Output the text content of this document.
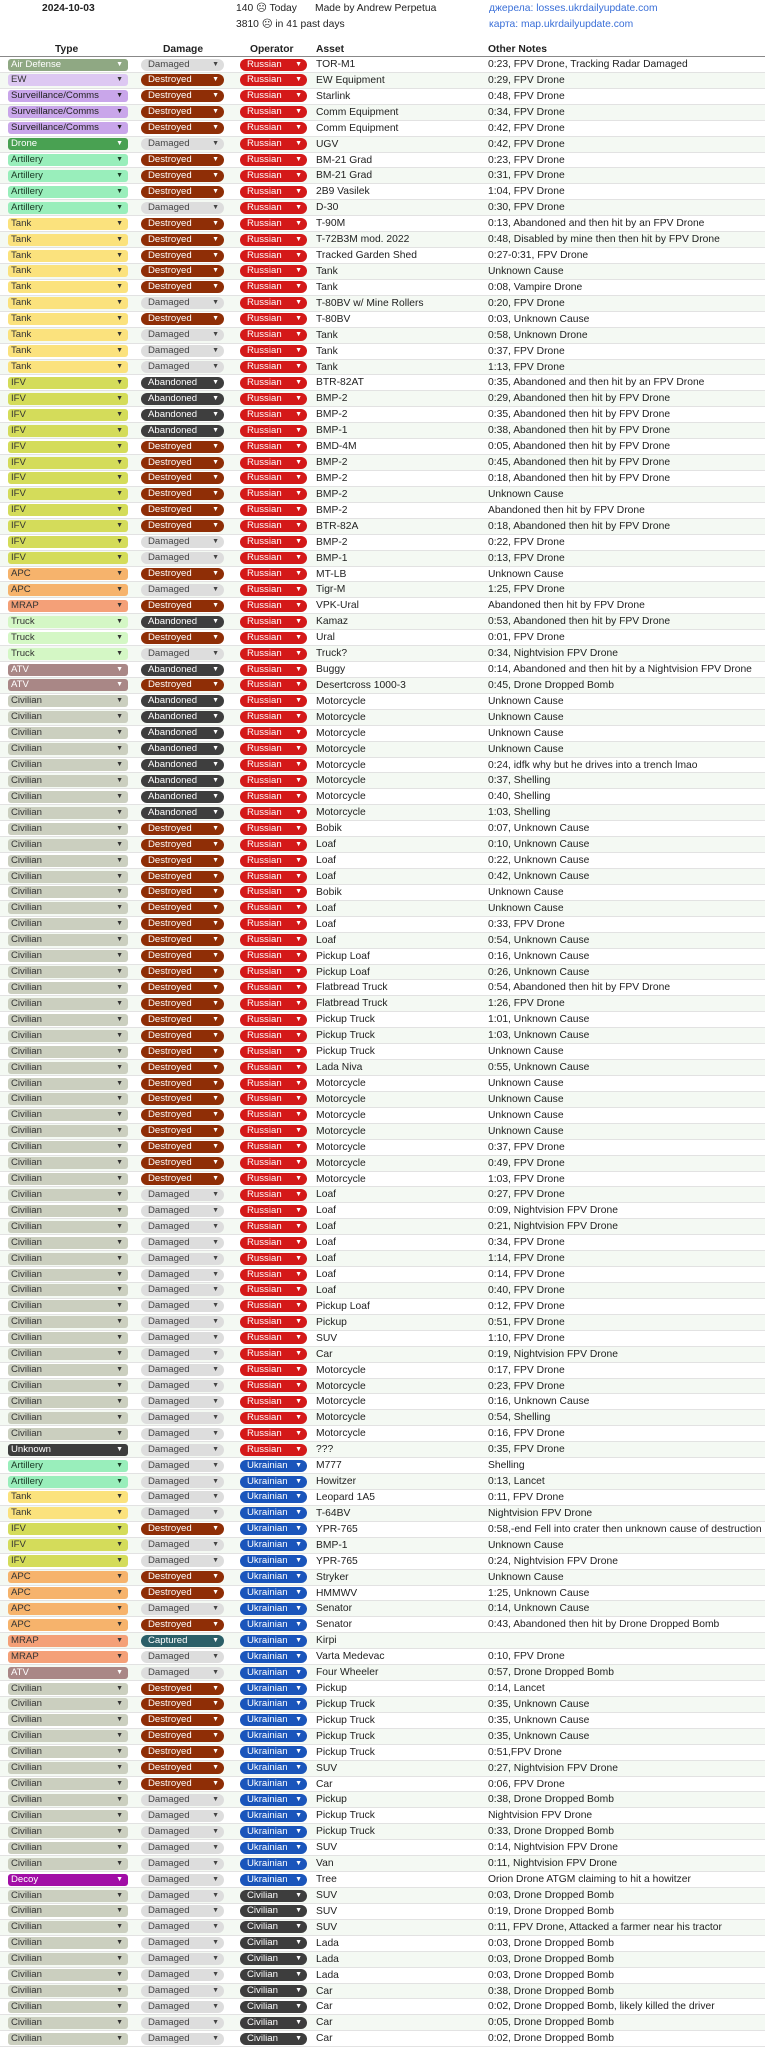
2024-10-03	140 ☹ Today
3810 ☹ in 41 past days
Made by Andrew Perpetua	джерела: losses.ukrdailyupdate.com
карта: map.ukrdailyupdate.com
Type	Damage	Operator Asset	Other Notes
Air Defense	▼	Damaged	▼	Russian ▼ TOR-M1	0:23, FPV Drone, Tracking Radar Damaged
EW	▼	Destroyed	▼	Russian ▼ EW Equipment	0:29, FPV Drone
Surveillance/Comms ▼	Destroyed	▼	Russian ▼ Starlink	0:48, FPV Drone
Surveillance/Comms ▼	Destroyed	▼	Russian ▼ Comm Equipment	0:34, FPV Drone
Surveillance/Comms ▼	Destroyed	▼	Russian ▼ Comm Equipment	0:42, FPV Drone
Drone	▼	Damaged	▼	Russian ▼ UGV	0:42, FPV Drone
Artillery	▼	Destroyed	▼	Russian ▼ BM-21 Grad	0:23, FPV Drone
Artillery	▼	Destroyed	▼	Russian ▼ BM-21 Grad	0:31, FPV Drone
Artillery	▼	Destroyed	▼	Russian ▼ 2B9 Vasilek	1:04, FPV Drone
Artillery	▼	Damaged	▼	Russian ▼ D-30	0:30, FPV Drone
Tank	▼	Destroyed	▼	Russian ▼ T-90M	0:13, Abandoned and then hit by an FPV Drone
Tank	▼	Destroyed	▼	Russian ▼ T-72B3M mod. 2022	0:48, Disabled by mine then then hit by FPV Drone
Tank	▼	Destroyed	▼	Russian ▼ Tracked Garden Shed	0:27-0:31, FPV Drone
Tank	▼	Destroyed	▼	Russian ▼ Tank	Unknown Cause
Tank	▼	Destroyed	▼	Russian ▼ Tank	0:08, Vampire Drone
Tank	▼	Damaged	▼	Russian ▼ T-80BV w/ Mine Rollers	0:20, FPV Drone
Tank	▼	Destroyed	▼	Russian ▼ T-80BV	0:03, Unknown Cause
Tank	▼	Damaged	▼	Russian ▼ Tank	0:58, Unknown Drone
Tank	▼	Damaged	▼	Russian ▼ Tank	0:37, FPV Drone
Tank	▼	Damaged	▼	Russian ▼ Tank	1:13, FPV Drone
IFV	▼	Abandoned ▼	Russian ▼ BTR-82AT	0:35, Abandoned and then hit by an FPV Drone
IFV	▼	Abandoned ▼	Russian ▼ BMP-2	0:29, Abandoned then hit by FPV Drone
IFV	▼	Abandoned ▼	Russian ▼ BMP-2	0:35, Abandoned then hit by FPV Drone
IFV	▼	Abandoned ▼	Russian ▼ BMP-1	0:38, Abandoned then hit by FPV Drone
IFV	▼	Destroyed	▼	Russian ▼ BMD-4M	0:05, Abandoned then hit by FPV Drone
IFV	▼	Destroyed	▼	Russian ▼ BMP-2	0:45, Abandoned then hit by FPV Drone
IFV	▼	Destroyed	▼	Russian ▼ BMP-2	0:18, Abandoned then hit by FPV Drone
IFV	▼	Destroyed	▼	Russian ▼ BMP-2	Unknown Cause
IFV	▼	Destroyed	▼	Russian ▼ BMP-2	Abandoned then hit by FPV Drone
IFV	▼	Destroyed	▼	Russian ▼ BTR-82A	0:18, Abandoned then hit by FPV Drone
IFV	▼	Damaged	▼	Russian ▼ BMP-2	0:22, FPV Drone
IFV	▼	Damaged	▼	Russian ▼ BMP-1	0:13, FPV Drone
APC	▼	Destroyed	▼	Russian ▼ MT-LB	Unknown Cause
APC	▼	Damaged	▼	Russian ▼ Tigr-M	1:25, FPV Drone
MRAP	▼	Destroyed	▼	Russian ▼ VPK-Ural	Abandoned then hit by FPV Drone
Truck	▼	Abandoned ▼	Russian ▼ Kamaz	0:53, Abandoned then hit by FPV Drone
Truck	▼	Destroyed	▼	Russian ▼ Ural	0:01, FPV Drone
Truck	▼	Damaged	▼	Russian ▼ Truck?	0:34, Nightvision FPV Drone
ATV	▼	Abandoned ▼	Russian ▼ Buggy	0:14, Abandoned and then hit by a Nightvision FPV Drone
ATV	▼	Destroyed	▼	Russian ▼ Desertcross 1000-3	0:45, Drone Dropped Bomb
Civilian	▼	Abandoned ▼	Russian ▼ Motorcycle	Unknown Cause
Civilian	▼	Abandoned ▼	Russian ▼ Motorcycle	Unknown Cause
Civilian	▼	Abandoned ▼	Russian ▼ Motorcycle	Unknown Cause
Civilian	▼	Abandoned ▼	Russian ▼ Motorcycle	Unknown Cause
Civilian	▼	Abandoned ▼	Russian ▼ Motorcycle	0:24, idfk why but he drives into a trench lmao
Civilian	▼	Abandoned ▼	Russian ▼ Motorcycle	0:37, Shelling
Civilian	▼	Abandoned ▼	Russian ▼ Motorcycle	0:40, Shelling
Civilian	▼	Abandoned ▼	Russian ▼ Motorcycle	1:03, Shelling
Civilian	▼	Destroyed	▼	Russian ▼ Bobik	0:07, Unknown Cause
Civilian	▼	Destroyed	▼	Russian ▼ Loaf	0:10, Unknown Cause
Civilian	▼	Destroyed	▼	Russian ▼ Loaf	0:22, Unknown Cause
Civilian	▼	Destroyed	▼	Russian ▼ Loaf	0:42, Unknown Cause
Civilian	▼	Destroyed	▼	Russian ▼ Bobik	Unknown Cause
Civilian	▼	Destroyed	▼	Russian ▼ Loaf	Unknown Cause
Civilian	▼	Destroyed	▼	Russian ▼ Loaf	0:33, FPV Drone
Civilian	▼	Destroyed	▼	Russian ▼ Loaf	0:54, Unknown Cause
Civilian	▼	Destroyed	▼	Russian ▼ Pickup Loaf	0:16, Unknown Cause
Civilian	▼	Destroyed	▼	Russian ▼ Pickup Loaf	0:26, Unknown Cause
Civilian	▼	Destroyed	▼	Russian ▼ Flatbread Truck	0:54, Abandoned then hit by FPV Drone
Civilian	▼	Destroyed	▼	Russian ▼ Flatbread Truck	1:26, FPV Drone
Civilian	▼	Destroyed	▼	Russian ▼ Pickup Truck	1:01, Unknown Cause
Civilian	▼	Destroyed	▼	Russian ▼ Pickup Truck	1:03, Unknown Cause
Civilian	▼	Destroyed	▼	Russian ▼ Pickup Truck	Unknown Cause
Civilian	▼	Destroyed	▼	Russian ▼ Lada Niva	0:55, Unknown Cause
Civilian	▼	Destroyed	▼	Russian ▼ Motorcycle	Unknown Cause
Civilian	▼	Destroyed	▼	Russian ▼ Motorcycle	Unknown Cause
Civilian	▼	Destroyed	▼	Russian ▼ Motorcycle	Unknown Cause
Civilian	▼	Destroyed	▼	Russian ▼ Motorcycle	Unknown Cause
Civilian	▼	Destroyed	▼	Russian ▼ Motorcycle	0:37, FPV Drone
Civilian	▼	Destroyed	▼	Russian ▼ Motorcycle	0:49, FPV Drone
Civilian	▼	Destroyed	▼	Russian ▼ Motorcycle	1:03, FPV Drone
Civilian	▼	Damaged	▼	Russian ▼ Loaf	0:27, FPV Drone
Civilian	▼	Damaged	▼	Russian ▼ Loaf	0:09, Nightvision FPV Drone
Civilian	▼	Damaged	▼	Russian ▼ Loaf	0:21, Nightvision FPV Drone
Civilian	▼	Damaged	▼	Russian ▼ Loaf	0:34, FPV Drone
Civilian	▼	Damaged	▼	Russian ▼ Loaf	1:14, FPV Drone
Civilian	▼	Damaged	▼	Russian ▼ Loaf	0:14, FPV Drone
Civilian	▼	Damaged	▼	Russian ▼ Loaf	0:40, FPV Drone
Civilian	▼	Damaged	▼	Russian ▼ Pickup Loaf	0:12, FPV Drone
Civilian	▼	Damaged	▼	Russian ▼ Pickup	0:51, FPV Drone
Civilian	▼	Damaged	▼	Russian ▼ SUV	1:10, FPV Drone
Civilian	▼	Damaged	▼	Russian ▼ Car	0:19, Nightvision FPV Drone
Civilian	▼	Damaged	▼	Russian ▼ Motorcycle	0:17, FPV Drone
Civilian	▼	Damaged	▼	Russian ▼ Motorcycle	0:23, FPV Drone
Civilian	▼	Damaged	▼	Russian ▼ Motorcycle	0:16, Unknown Cause
Civilian	▼	Damaged	▼	Russian ▼ Motorcycle	0:54, Shelling
Civilian	▼	Damaged	▼	Russian ▼ Motorcycle	0:16, FPV Drone
Unknown	▼	Damaged	▼	Russian ▼ ???	0:35, FPV Drone
Artillery	▼	Damaged	▼	Ukrainian ▼ M777	Shelling
Artillery	▼	Damaged	▼	Ukrainian ▼ Howitzer	0:13, Lancet
Tank	▼	Damaged	▼	Ukrainian ▼ Leopard 1A5	0:11, FPV Drone
Tank	▼	Damaged	▼	Ukrainian ▼ T-64BV	Nightvision FPV Drone
IFV	▼	Destroyed	▼	Ukrainian ▼ YPR-765	0:58,-end Fell into crater then unknown cause of destruction
IFV	▼	Damaged	▼	Ukrainian ▼ BMP-1	Unknown Cause
IFV	▼	Damaged	▼	Ukrainian ▼ YPR-765	0:24, Nightvision FPV Drone
APC	▼	Destroyed	▼	Ukrainian ▼ Stryker	Unknown Cause
APC	▼	Destroyed	▼	Ukrainian ▼ HMMWV	1:25, Unknown Cause
APC	▼	Damaged	▼	Ukrainian ▼ Senator	0:14, Unknown Cause
APC	▼	Destroyed	▼	Ukrainian ▼ Senator	0:43, Abandoned then hit by Drone Dropped Bomb
MRAP	▼	Captured	▼	Ukrainian ▼ Kirpi
MRAP	▼	Damaged	▼	Ukrainian ▼ Varta Medevac	0:10, FPV Drone
ATV	▼	Damaged	▼	Ukrainian ▼ Four Wheeler	0:57, Drone Dropped Bomb
Civilian	▼	Destroyed	▼	Ukrainian ▼ Pickup	0:14, Lancet
Civilian	▼	Destroyed	▼	Ukrainian ▼ Pickup Truck	0:35, Unknown Cause
Civilian	▼	Destroyed	▼	Ukrainian ▼ Pickup Truck	0:35, Unknown Cause
Civilian	▼	Destroyed	▼	Ukrainian ▼ Pickup Truck	0:35, Unknown Cause
Civilian	▼	Destroyed	▼	Ukrainian ▼ Pickup Truck	0:51,FPV Drone
Civilian	▼	Destroyed	▼	Ukrainian ▼ SUV	0:27, Nightvision FPV Drone
Civilian	▼	Destroyed	▼	Ukrainian ▼ Car	0:06, FPV Drone
Civilian	▼	Damaged	▼	Ukrainian ▼ Pickup	0:38, Drone Dropped Bomb
Civilian	▼	Damaged	▼	Ukrainian ▼ Pickup Truck	Nightvision FPV Drone
Civilian	▼	Damaged	▼	Ukrainian ▼ Pickup Truck	0:33, Drone Dropped Bomb
Civilian	▼	Damaged	▼	Ukrainian ▼ SUV	0:14, Nightvision FPV Drone
Civilian	▼	Damaged	▼	Ukrainian ▼ Van	0:11, Nightvision FPV Drone
Decoy	▼	Damaged	▼	Ukrainian ▼ Tree	Orion Drone ATGM claiming to hit a howitzer
Civilian	▼	Damaged	▼	Civilian ▼ SUV	0:03, Drone Dropped Bomb
Civilian	▼	Damaged	▼	Civilian ▼ SUV	0:19, Drone Dropped Bomb
Civilian	▼	Damaged	▼	Civilian ▼ SUV	0:11, FPV Drone, Attacked a farmer near his tractor
Civilian	▼	Damaged	▼	Civilian ▼ Lada	0:03, Drone Dropped Bomb
Civilian	▼	Damaged	▼	Civilian ▼ Lada	0:03, Drone Dropped Bomb
Civilian	▼	Damaged	▼	Civilian ▼ Lada	0:03, Drone Dropped Bomb
Civilian	▼	Damaged	▼	Civilian ▼ Car	0:38, Drone Dropped Bomb
Civilian	▼	Damaged	▼	Civilian ▼ Car	0:02, Drone Dropped Bomb, likely killed the driver
Civilian	▼	Damaged	▼	Civilian ▼ Car	0:05, Drone Dropped Bomb
Civilian	▼	Damaged	▼	Civilian ▼ Car	0:02, Drone Dropped Bomb
